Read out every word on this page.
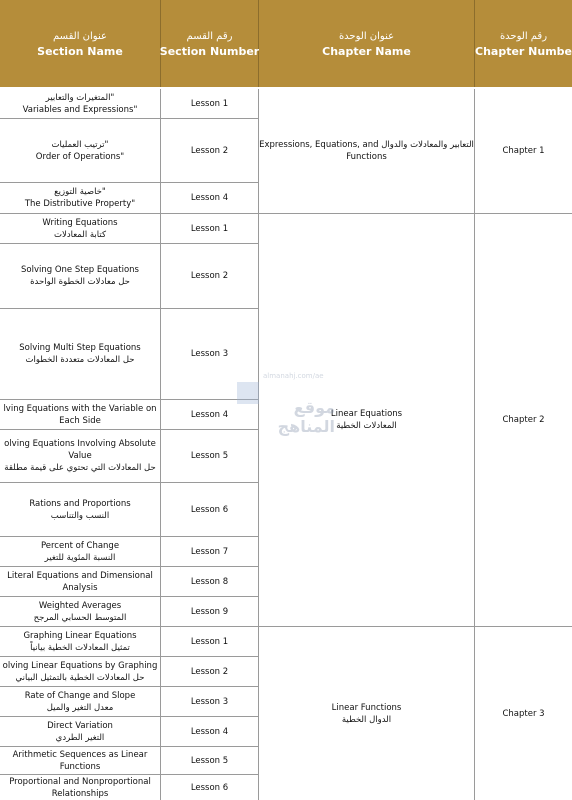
عنوان القسم
Section Name
رقم القسم
Section Number
عنوان الوحدة
Chapter Name
رقم الوحدة
Chapter Numbe
"المتغيرات والتعابير
Variables and Expressions"
Lesson 1
"ترتيب العمليات
Order of Operations"
Lesson 2
"خاصية التوزيع
The Distributive Property"
Lesson 4
Writing Equations
كتابة المعادلات
Lesson 1
Solving One Step Equations
حل معادلات الخطوة الواحدة
Lesson 2
Solving Multi Step Equations
حل المعادلات متعددة الخطوات
Lesson 3
lving Equations with the Variable on
Each Side
Lesson 4
olving Equations Involving Absolute
Value
حل المعادلات التي تحتوي على قيمة مطلقة
Lesson 5
Rations and Proportions
النسب والتناسب
Lesson 6
Percent of Change
النسبة المئوية للتغير
Lesson 7
Literal Equations and Dimensional
Analysis
Lesson 8
Weighted Averages
المتوسط الحسابي المرجح
Lesson 9
Graphing Linear Equations
تمثيل المعادلات الخطية بيانياً
Lesson 1
olving Linear Equations by Graphing
حل المعادلات الخطية بالتمثيل البياني
Lesson 2
Rate of Change and Slope
معدل التغير والميل
Lesson 3
Direct Variation
التغير الطردي
Lesson 4
Arithmetic Sequences as Linear
Functions
Lesson 5
Proportional and Nonproportional
Relationships
Lesson 6
Expressions, Equations, and التعابير والمعادلات والدوال
Functions
Chapter 1
Linear Equations
المعادلات الخطية
Chapter 2
Linear Functions
الدوال الخطية
Chapter 3
almanahj.com/ae
موقع المناهج
